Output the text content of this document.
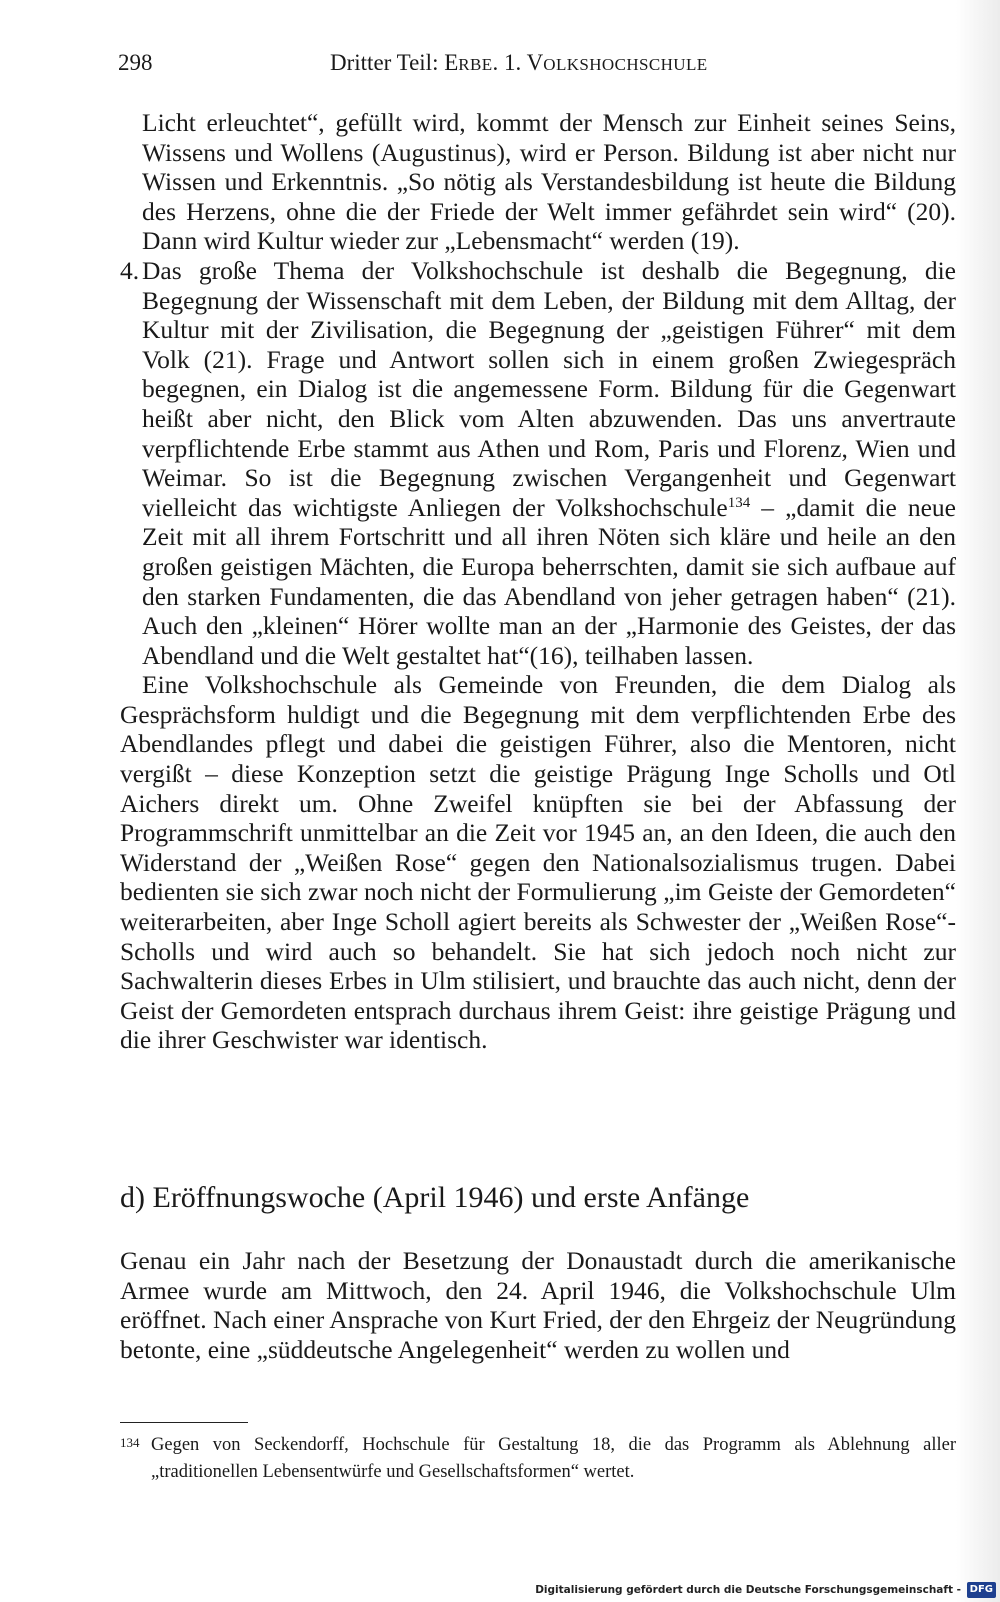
298	Dritter Teil: ERBE. 1. VOLKSHOCHSCHULE
Licht erleuchtet“, gefüllt wird, kommt der Mensch zur Einheit seines Seins, Wissens und Wollens (Augustinus), wird er Person. Bildung ist aber nicht nur Wissen und Erkenntnis. „So nötig als Verstandesbildung ist heute die Bildung des Herzens, ohne die der Friede der Welt immer gefährdet sein wird“ (20). Dann wird Kultur wieder zur „Lebensmacht“ werden (19).
4. Das große Thema der Volkshochschule ist deshalb die Begegnung, die Begegnung der Wissenschaft mit dem Leben, der Bildung mit dem Alltag, der Kultur mit der Zivilisation, die Begegnung der „geistigen Führer“ mit dem Volk (21). Frage und Antwort sollen sich in einem großen Zwiegespräch begegnen, ein Dialog ist die angemessene Form. Bildung für die Gegenwart heißt aber nicht, den Blick vom Alten abzuwenden. Das uns anvertraute verpflichtende Erbe stammt aus Athen und Rom, Paris und Florenz, Wien und Weimar. So ist die Begegnung zwischen Vergangenheit und Gegenwart vielleicht das wichtigste Anliegen der Volkshochschule$^{134}$ – „damit die neue Zeit mit all ihrem Fortschritt und all ihren Nöten sich kläre und heile an den großen geistigen Mächten, die Europa beherrschten, damit sie sich aufbaue auf den starken Fundamenten, die das Abendland von jeher getragen haben“ (21). Auch den „kleinen“ Hörer wollte man an der „Harmonie des Geistes, der das Abendland und die Welt gestaltet hat“(16), teilhaben lassen.
Eine Volkshochschule als Gemeinde von Freunden, die dem Dialog als Gesprächsform huldigt und die Begegnung mit dem verpflichtenden Erbe des Abendlandes pflegt und dabei die geistigen Führer, also die Mentoren, nicht vergißt – diese Konzeption setzt die geistige Prägung Inge Scholls und Otl Aichers direkt um. Ohne Zweifel knüpften sie bei der Abfassung der Programmschrift unmittelbar an die Zeit vor 1945 an, an den Ideen, die auch den Widerstand der „Weißen Rose“ gegen den Nationalsozialismus trugen. Dabei bedienten sie sich zwar noch nicht der Formulierung „im Geiste der Gemordeten“ weiterarbeiten, aber Inge Scholl agiert bereits als Schwester der „Weißen Rose“-Scholls und wird auch so behandelt. Sie hat sich jedoch noch nicht zur Sachwalterin dieses Erbes in Ulm stilisiert, und brauchte das auch nicht, denn der Geist der Gemordeten entsprach durchaus ihrem Geist: ihre geistige Prägung und die ihrer Geschwister war identisch.
d) Eröffnungswoche (April 1946) und erste Anfänge
Genau ein Jahr nach der Besetzung der Donaustadt durch die amerikanische Armee wurde am Mittwoch, den 24. April 1946, die Volkshochschule Ulm eröffnet. Nach einer Ansprache von Kurt Fried, der den Ehrgeiz der Neugründung betonte, eine „süddeutsche Angelegenheit“ werden zu wollen und
134 Gegen von Seckendorff, Hochschule für Gestaltung 18, die das Programm als Ablehnung aller „traditionellen Lebensentwürfe und Gesellschaftsformen“ wertet.
Digitalisierung gefördert durch die Deutsche Forschungsgemeinschaft - DFG
